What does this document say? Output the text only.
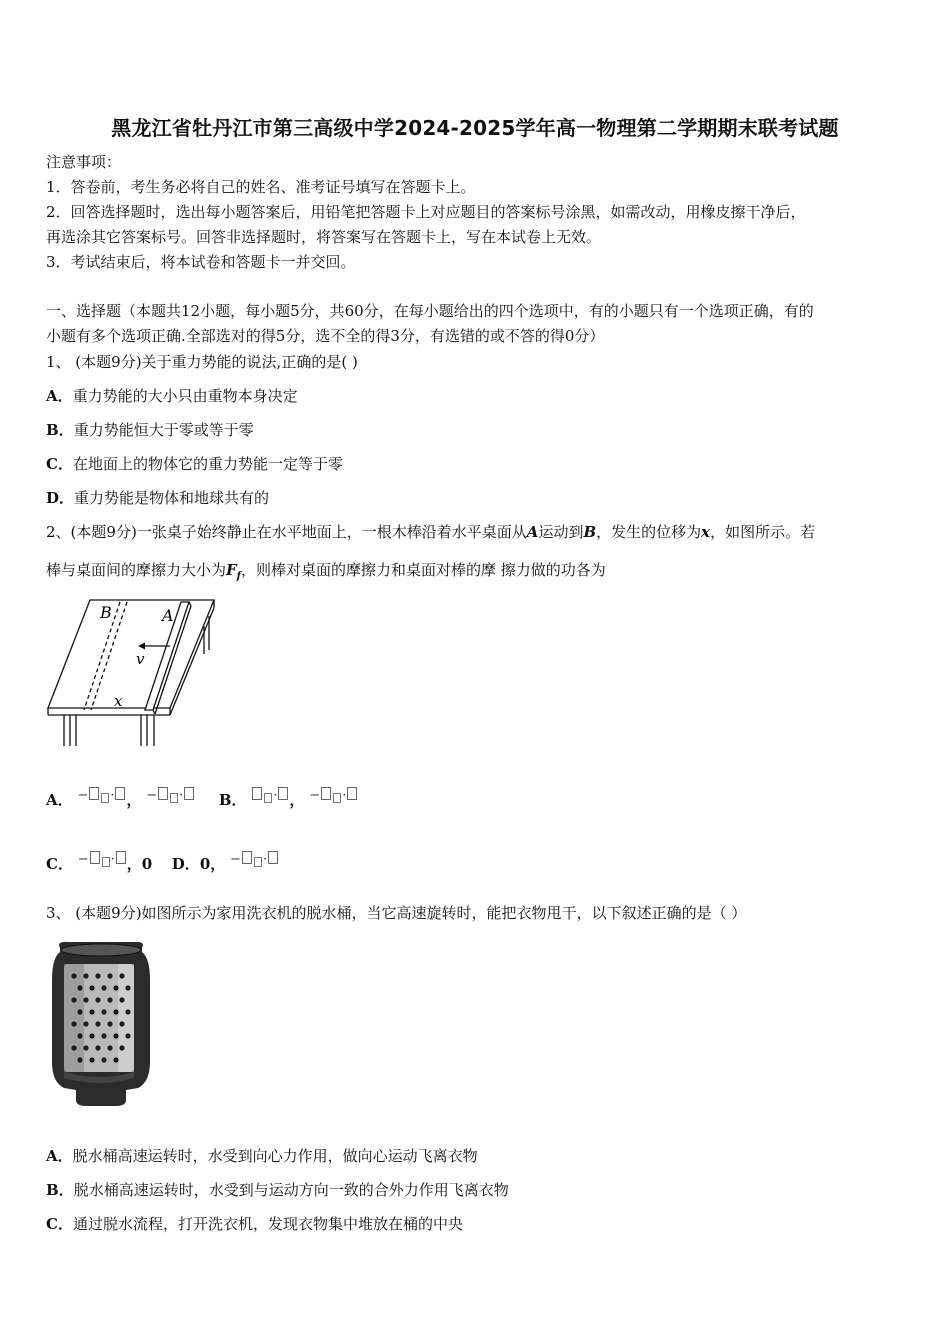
黑龙江省牡丹江市第三高级中学2024-2025学年高一物理第二学期期末联考试题
注意事项：
1．答卷前，考生务必将自己的姓名、准考证号填写在答题卡上。
2．回答选择题时，选出每小题答案后，用铅笔把答题卡上对应题目的答案标号涂黑，如需改动，用橡皮擦干净后，
再选涂其它答案标号。回答非选择题时，将答案写在答题卡上，写在本试卷上无效。
3．考试结束后，将本试卷和答题卡一并交回。
一、选择题（本题共12小题，每小题5分，共60分，在每小题给出的四个选项中，有的小题只有一个选项正确，有的
小题有多个选项正确.全部选对的得5分，选不全的得3分，有选错的或不答的得0分）
1、 (本题9分)关于重力势能的说法,正确的是( )
A．重力势能的大小只由重物本身决定
B．重力势能恒大于零或等于零
C．在地面上的物体它的重力势能一定等于零
D．重力势能是物体和地球共有的
2、(本题9分)一张桌子始终静止在水平地面上，一根木棒沿着水平桌面从A运动到B，发生的位移为x，如图所示。若
棒与桌面间的摩擦力大小为$F_f$，则棒对桌面的摩擦力和桌面对棒的摩 擦力做的功各为
B	A
v
x
A． − · ， − · B． · ， − ·
C． − · ，0 D．0， − ·
3、 (本题9分)如图所示为家用洗衣机的脱水桶，当它高速旋转时，能把衣物甩干，以下叙述正确的是（ ）
A．脱水桶高速运转时，水受到向心力作用，做向心运动飞离衣物
B．脱水桶高速运转时，水受到与运动方向一致的合外力作用飞离衣物
C．通过脱水流程，打开洗衣机，发现衣物集中堆放在桶的中央
